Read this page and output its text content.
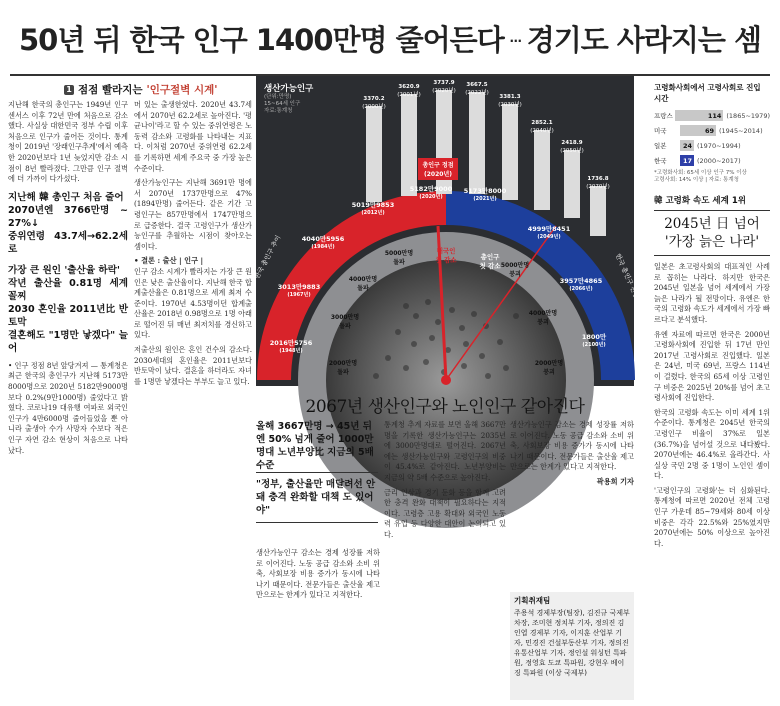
50년 뒤 한국 인구 1400만명 줄어든다 … 경기도 사라지는 셈
1 점점 빨라지는 '인구절벽 시계'

지난해 한국의 총인구는 1949년 인구 센서스 이후 72년 만에 처음으로 감소했다. 사실상 대한민국 정부 수립 이후 처음으로 인구가 줄어든 것이다. 통계청이 2019년 '장래인구추계'에서 예측한 2020년보다 1년 늦었지만 감소 시점이 8년 빨라졌다. 그만큼 인구 절벽에 더 가까이 다가섰다.

지난해 韓 총인구 처음 줄어
2070년엔 3766만명 ~ 27%↓
중위연령 43.7세→62.2세로
가장 큰 원인 '출산율 하락'
작년 출산율 0.81명 세계 꼴찌
2030 혼인율 2011년比 반토막
결혼해도 "1명만 낳겠다" 늘어

• 인구 정점 8년 앞당겨져 — 통계청은 최근 한국의 총인구가 지난해 5173만8000명으로 2020년 5182만9000명보다 0.2%(9만1000명) 줄었다고 밝혔다. 코로나19 대유행 여파로 외국인 인구가 4만6000명 줄어들었을 뿐 아니라 출생아 수가 사망자 수보다 적은 인구 자연 감소 현상이 처음으로 나타났다.

머 있는 출생한였다. 2020년 43.7세에서 2070년 62.2세로 높아진다. '평균나이'라고 할 수 있는 중위연령은 노동력 감소와 고령화를 나타내는 지표다. 이처럼 2070년 중위연령 62.2세를 기록하면 세계 주요국 중 가장 높은 수준이다.

생산가능인구는 지난해 3691만 명에서 2070년 1737만명으로 47%(1894만명) 줄어든다. 같은 기간 고령인구는 857만명에서 1747만명으로 급증한다. 결국 고령인구가 생산가능인구를 추월하는 시점이 찾아오는 셈이다.

• 결론 : 출산 | 인구 |

인구 감소 시계가 빨라지는 가장 큰 원인은 낮은 출산율이다. 지난해 한국 합계출산율은 0.81명으로 세계 최저 수준이다. 1970년 4.53명이던 합계출산율은 2018년 0.98명으로 1명 아래로 떨어진 뒤 매년 최저치를 경신하고 있다.

저출산의 원인은 혼인 건수의 감소다. 2030세대의 혼인율은 2011년보다 반토막이 났다. 결혼을 하더라도 자녀를 1명만 낳겠다는 부부도 늘고 있다.

생산가능인구
(단위:만명)
15~64세 인구
자료:통계청
3370.2
(2000년)
3620.9
(2001년)
3737.9
(2020년)
3667.5
(2022년)
3381.3
(2030년)
2852.1
(2040년)
2418.9
(2050년)
1736.8
(2070년)
총인구 정점
(2020년)
2016만5756
(1948년)
3013만9883
(1967년)
4040만5956
(1984년)
5019만9853
(2012년)
5182만9000
(2020년)
5173만8000
(2021년)
4999만8451
(2049년)
3957만4865
(2066년)
1800만
(2100년)
2000만명
돌파
3000만명
돌파
4000만명
돌파
5000만명
돌파	5000만명
붕괴
4000만명
붕괴
2000만명
붕괴
내국인
첫 감소	총인구
첫 감소
한국 총인구 추이	한국 총인구 전망
2067년 생산인구와 노인인구 같아진다
올해 3667만명 → 45년 뒤엔 50% 넘게 줄어 1000만명대 노년부양比 지금의 5배 수준
"정부, 출산율만 매달려선 안돼 충격 완화할 대책 도 있어야"

생산가능인구 감소는 경제 성장률 저하로 이어진다. 노동 공급 감소와 소비 위축, 사회보장 비용 증가가 동시에 나타나기 때문이다. 전문가들은 출산율 제고만으로는 한계가 있다고 지적한다.

통계청 추계 자료를 보면 올해 3667만 명을 기록한 생산가능인구는 2035년에 3000만명대로 떨어진다. 2067년에는 생산가능인구와 고령인구의 비중이 45.4%로 같아진다. 노년부양비는 지금의 약 5배 수준으로 높아진다.

금리 인상과 경기 둔화 등을 함께 고려한 충격 완화 대책이 필요하다는 지적이다. 고령층 고용 확대와 외국인 노동력 유입 등 다양한 대안이 논의되고 있다.

생산가능인구 감소는 경제 성장률 저하로 이어진다. 노동 공급 감소와 소비 위축, 사회보장 비용 증가가 동시에 나타나기 때문이다. 전문가들은 출산율 제고만으로는 한계가 있다고 지적한다.

곽용희 기자

기획취재팀
주용석 경제부장(팀장), 김진규 국제부 차장, 조미현 정치부 기자, 정의진 김인엽 경제부 기자, 이지훈 산업부 기자, 민경진 건설부동산부 기자, 정의진 유통산업부 기자, 정인설 워싱턴 특파원, 정영효 도쿄 특파원, 강현우 베이징 특파원 (이상 국제부)
고령화사회에서 고령사회로 진입 시간
프랑스	114 (1865~1979)
미국	69 (1945~2014)
일본	24 (1970~1994)
한국	17 (2000~2017)
*고령화사회: 65세 이상 인구 7% 이상
고령사회: 14% 이상 | 자료: 통계청
韓 고령화 속도 세계 1위
2045년 日 넘어
'가장 늙은 나라'

일본은 초고령사회의 대표적인 사례로 꼽히는 나라다. 하지만 한국은 2045년 일본을 넘어 세계에서 가장 늙은 나라가 될 전망이다. 유엔은 한국의 고령화 속도가 세계에서 가장 빠르다고 분석했다.

유엔 자료에 따르면 한국은 2000년 고령화사회에 진입한 뒤 17년 만인 2017년 고령사회로 진입했다. 일본은 24년, 미국 69년, 프랑스 114년이 걸렸다. 한국의 65세 이상 고령인구 비중은 2025년 20%를 넘어 초고령사회에 진입한다.

한국의 고령화 속도는 이미 세계 1위 수준이다. 통계청은 2045년 한국의 고령인구 비율이 37%로 일본(36.7%)을 넘어설 것으로 내다봤다. 2070년에는 46.4%로 올라간다. 사실상 국민 2명 중 1명이 노인인 셈이다.

'고령인구의 고령화'는 더 심화된다. 통계청에 따르면 2020년 전체 고령인구 가운데 85~79세와 80세 이상 비중은 각각 22.5%와 25%였지만 2070년에는 50% 이상으로 높아진다.
